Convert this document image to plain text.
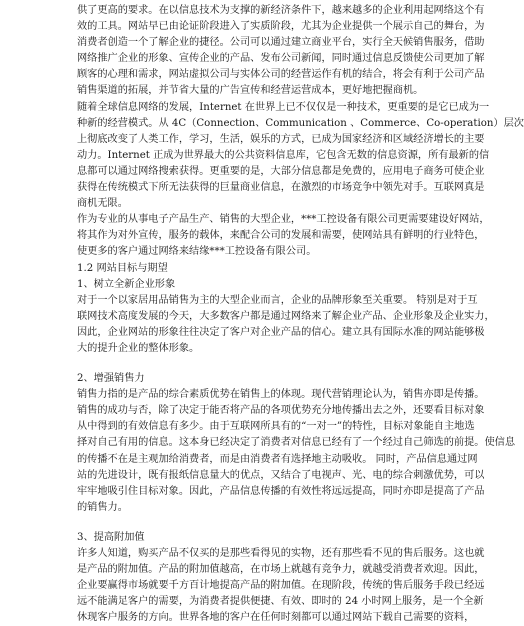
供了更高的要求。在以信息技术为支撑的新经济条件下，越来越多的企业利用起网络这个有
效的工具。网站早已由论证阶段进入了实质阶段，尤其为企业提供一个展示自己的舞台，为
消费者创造一个了解企业的捷径。公司可以通过建立商业平台，实行全天候销售服务，借助
网络推广企业的形象、宣传企业的产品、发布公司新闻，同时通过信息反馈使公司更加了解
顾客的心理和需求，网站虚拟公司与实体公司的经营运作有机的结合，将会有利于公司产品
销售渠道的拓展，并节省大量的广告宣传和经营运营成本，更好地把握商机。
随着全球信息网络的发展，Internet 在世界上已不仅仅是一种技术，更重要的是它已成为一
种新的经营模式。从 4C（Connection、Communication 、Commerce、Co-operation）层次
上彻底改变了人类工作，学习，生活，娱乐的方式，已成为国家经济和区域经济增长的主要
动力。Internet 正成为世界最大的公共资料信息库，它包含无数的信息资源，所有最新的信
息都可以通过网络搜索获得。更重要的是，大部分信息都是免费的，应用电子商务可使企业
获得在传统模式下所无法获得的巨量商业信息，在激烈的市场竞争中领先对手。互联网真是
商机无限。
作为专业的从事电子产品生产、销售的大型企业，***工控设备有限公司更需要建设好网站，
将其作为对外宣传，服务的载体，来配合公司的发展和需要，使网站具有鲜明的行业特色，
使更多的客户通过网络来结缘***工控设备有限公司。
1.2 网站目标与期望
1、树立全新企业形象
对于一个以家居用品销售为主的大型企业而言，企业的品牌形象至关重要。 特别是对于互
联网技术高度发展的今天，大多数客户都是通过网络来了解企业产品、企业形象及企业实力，
因此，企业网站的形象往往决定了客户对企业产品的信心。建立具有国际水准的网站能够极
大的提升企业的整体形象。
2、增强销售力
销售力指的是产品的综合素质优势在销售上的体现。现代营销理论认为，销售亦即是传播。
销售的成功与否，除了决定于能否将产品的各项优势充分地传播出去之外，还要看目标对象
从中得到的有效信息有多少。由于互联网所具有的“一对一”的特性，目标对象能自主地选
择对自己有用的信息。这本身已经决定了消费者对信息已经有了一个经过自己筛选的前提。使信息
的传播不在是主观加给消费者，而是由消费者有选择地主动吸收。 同时，产品信息通过网
站的先进设计，既有报纸信息量大的优点，又结合了电视声、光、电的综合刺激优势，可以
牢牢地吸引住目标对象。因此，产品信息传播的有效性将远远提高，同时亦即是提高了产品
的销售力。
3、提高附加值
许多人知道，购买产品不仅买的是那些看得见的实物，还有那些看不见的售后服务。这也就
是产品的附加值。产品的附加值越高，在市场上就越有竞争力，就越受消费者欢迎。因此，
企业要赢得市场就要千方百计地提高产品的附加值。在现阶段，传统的售后服务手段已经远
远不能满足客户的需要，为消费者提供便捷、有效、即时的 24 小时网上服务，是一个全新
休现客户服务的方向。世界各地的客户在任何时刻都可以通过网站下载自己需要的资料，
